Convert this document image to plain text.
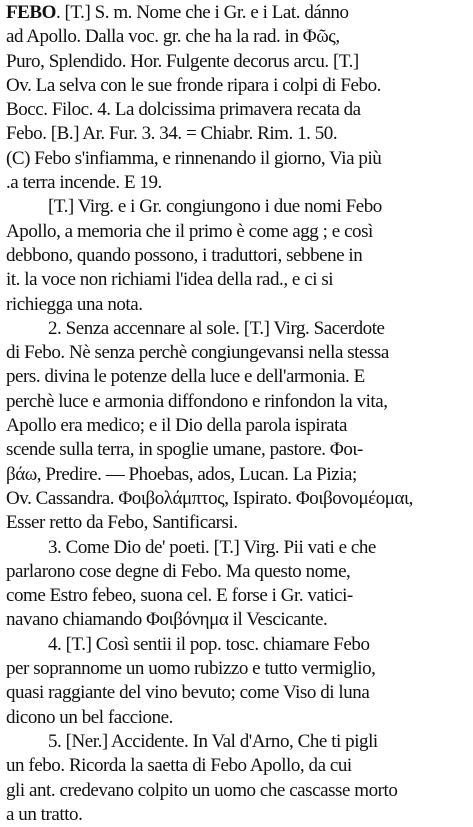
FEBO. [T.] S. m. Nome che i Gr. e i Lat. dánno
ad Apollo. Dalla voc. gr. che ha la rad. in Φῶς,
Puro, Splendido. Hor. Fulgente decorus arcu. [T.]
Ov. La selva con le sue fronde ripara i colpi di Febo.
Bocc. Filoc. 4. La dolcissima primavera recata da
Febo. [B.] Ar. Fur. 3. 34. = Chiabr. Rim. 1. 50.
(C) Febo s'infiamma, e rinnenando il giorno, Via più
.a terra incende. E 19.
[T.] Virg. e i Gr. congiungono i due nomi Febo
Apollo, a memoria che il primo è come agg ; e così
debbono, quando possono, i traduttori, sebbene in
it. la voce non richiami l'idea della rad., e ci si
richiegga una nota.
2. Senza accennare al sole. [T.] Virg. Sacerdote
di Febo. Nè senza perchè congiungevansi nella stessa
pers. divina le potenze della luce e dell'armonia. E
perchè luce e armonia diffondono e rinfondon la vita,
Apollo era medico; e il Dio della parola ispirata
scende sulla terra, in spoglie umane, pastore. Φοι-
βάω, Predire. — Phoebas, ados, Lucan. La Pizia;
Ov. Cassandra. Φοιβολάμπτος, Ispirato. Φοιβονομέομαι,
Esser retto da Febo, Santificarsi.
3. Come Dio de' poeti. [T.] Virg. Pii vati e che
parlarono cose degne di Febo. Ma questo nome,
come Estro febeo, suona cel. E forse i Gr. vatici-
navano chiamando Φοιβόνημα il Vescicante.
4. [T.] Così sentii il pop. tosc. chiamare Febo
per soprannome un uomo rubizzo e tutto vermiglio,
quasi raggiante del vino bevuto; come Viso di luna
dicono un bel faccione.
5. [Ner.] Accidente. In Val d'Arno, Che ti pigli
un febo. Ricorda la saetta di Febo Apollo, da cui
gli ant. credevano colpito un uomo che cascasse morto
a un tratto.
